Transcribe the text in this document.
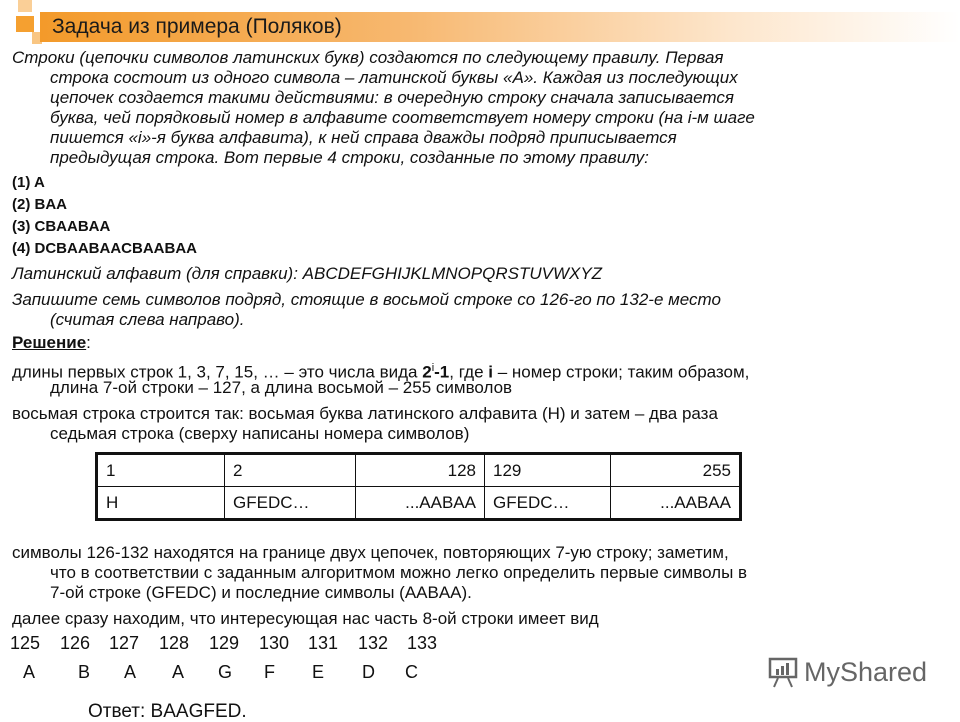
Задача из примера (Поляков)
Строки (цепочки символов латинских букв) создаются по следующему правилу. Первая
строка состоит из одного символа – латинской буквы «А». Каждая из последующих
цепочек создается такими действиями: в очередную строку сначала записывается
буква, чей порядковый номер в алфавите соответствует номеру строки (на i-м шаге
пишется «i»-я буква алфавита), к ней справа дважды подряд приписывается
предыдущая строка. Вот первые 4 строки, созданные по этому правилу:
(1) A
(2) BAA
(3) CBAABAA
(4) DCBAABAACBAABAA
Латинский алфавит (для справки): ABCDEFGHIJKLMNOPQRSTUVWXYZ
Запишите семь символов подряд, стоящие в восьмой строке со 126-го по 132-е место
(считая слева направо).
Решение:
длины первых строк 1, 3, 7, 15, … – это числа вида 2$^i$-1, где i – номер строки; таким образом,
длина 7-ой строки – 127, а длина восьмой – 255 символов
восьмая строка строится так: восьмая буква латинского алфавита (H) и затем – два раза
седьмая строка (сверху написаны номера символов)
1	2	128	129	255
H	GFEDC…	...AABAA	GFEDC…	...AABAA
символы 126-132 находятся на границе двух цепочек, повторяющих 7-ую строку; заметим,
что в соответствии с заданным алгоритмом можно легко определить первые символы в
7-ой строке (GFEDC) и последние символы (AABAA).
далее сразу находим, что интересующая нас часть 8-ой строки имеет вид
125 126 127 128 129 130 131 132 133
A B A A G F E D C
Ответ: BAAGFED.
MyShared
